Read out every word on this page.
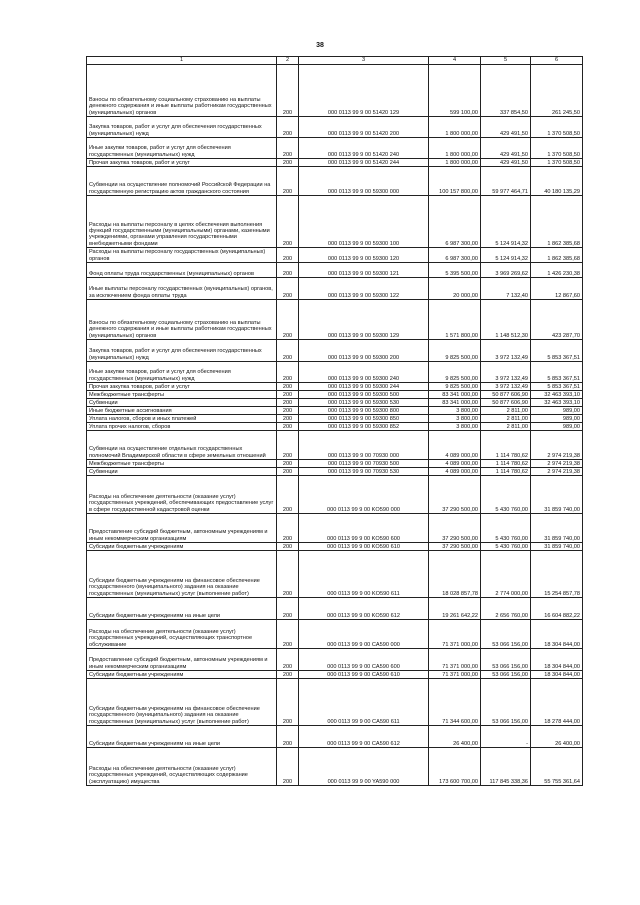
38
1	2	3	4	5	6
Взносы по обязательному социальному страхованию на выплаты денежного содержания и иные выплаты работникам государственных (муниципальных) органов	200	000 0113 99 9 00 51420 129	599 100,00	337 854,50	261 245,50
Закупка товаров, работ и услуг для обеспечения государственных (муниципальных) нужд	200	000 0113 99 9 00 51420 200	1 800 000,00	429 491,50	1 370 508,50
Иные закупки товаров, работ и услуг для обеспечения государственных (муниципальных) нужд	200	000 0113 99 9 00 51420 240	1 800 000,00	429 491,50	1 370 508,50
Прочая закупка товаров, работ и услуг	200	000 0113 99 9 00 51420 244	1 800 000,00	429 491,50	1 370 508,50
Субвенции на осуществление полномочий Российской Федерации на государственную регистрацию актов гражданского состояния	200	000 0113 99 9 00 59300 000	100 157 800,00	59 977 464,71	40 180 135,29
Расходы на выплаты персоналу в целях обеспечения выполнения функций государственными (муниципальными) органами, казенными учреждениями, органами управления государственными внебюджетными фондами	200	000 0113 99 9 00 59300 100	6 987 300,00	5 124 914,32	1 862 385,68
Расходы на выплаты персоналу государственных (муниципальных) органов	200	000 0113 99 9 00 59300 120	6 987 300,00	5 124 914,32	1 862 385,68
Фонд оплаты труда государственных (муниципальных) органов	200	000 0113 99 9 00 59300 121	5 395 500,00	3 969 269,62	1 426 230,38
Иные выплаты персоналу государственных (муниципальных) органов, за исключением фонда оплаты труда	200	000 0113 99 9 00 59300 122	20 000,00	7 132,40	12 867,60
Взносы по обязательному социальному страхованию на выплаты денежного содержания и иные выплаты работникам государственных (муниципальных) органов	200	000 0113 99 9 00 59300 129	1 571 800,00	1 148 512,30	423 287,70
Закупка товаров, работ и услуг для обеспечения государственных (муниципальных) нужд	200	000 0113 99 9 00 59300 200	9 825 500,00	3 972 132,49	5 853 367,51
Иные закупки товаров, работ и услуг для обеспечения государственных (муниципальных) нужд	200	000 0113 99 9 00 59300 240	9 825 500,00	3 972 132,49	5 853 367,51
Прочая закупка товаров, работ и услуг	200	000 0113 99 9 00 59300 244	9 825 500,00	3 972 132,49	5 853 367,51
Межбюджетные трансферты	200	000 0113 99 9 00 59300 500	83 341 000,00	50 877 606,90	32 463 393,10
Субвенции	200	000 0113 99 9 00 59300 530	83 341 000,00	50 877 606,90	32 463 393,10
Иные бюджетные ассигнования	200	000 0113 99 9 00 59300 800	3 800,00	2 811,00	989,00
Уплата налогов, сборов и иных платежей	200	000 0113 99 9 00 59300 850	3 800,00	2 811,00	989,00
Уплата прочих налогов, сборов	200	000 0113 99 9 00 59300 852	3 800,00	2 811,00	989,00
Субвенции на осуществление отдельных государственных полномочий Владимирской области в сфере земельных отношений	200	000 0113 99 9 00 70930 000	4 089 000,00	1 114 780,62	2 974 219,38
Межбюджетные трансферты	200	000 0113 99 9 00 70930 500	4 089 000,00	1 114 780,62	2 974 219,38
Субвенции	200	000 0113 99 9 00 70930 530	4 089 000,00	1 114 780,62	2 974 219,38
Расходы на обеспечение деятельности (оказание услуг) государственных учреждений, обеспечивающих предоставление услуг в сфере государственной кадастровой оценки	200	000 0113 99 9 00 KO590 000	37 290 500,00	5 430 760,00	31 859 740,00
Предоставление субсидий бюджетным, автономным учреждениям и иным некоммерческим организациям	200	000 0113 99 9 00 KO590 600	37 290 500,00	5 430 760,00	31 859 740,00
Субсидии бюджетным учреждениям	200	000 0113 99 9 00 KO590 610	37 290 500,00	5 430 760,00	31 859 740,00
Субсидии бюджетным учреждениям на финансовое обеспечение государственного (муниципального) задания на оказание государственных (муниципальных) услуг (выполнение работ)	200	000 0113 99 9 00 KO590 611	18 028 857,78	2 774 000,00	15 254 857,78
Субсидии бюджетным учреждениям на иные цели	200	000 0113 99 9 00 KO590 612	19 261 642,22	2 656 760,00	16 604 882,22
Расходы на обеспечение деятельности (оказание услуг) государственных учреждений, осуществляющих транспортное обслуживание	200	000 0113 99 9 00 CA590 000	71 371 000,00	53 066 156,00	18 304 844,00
Предоставление субсидий бюджетным, автономным учреждениям и иным некоммерческим организациям	200	000 0113 99 9 00 CA590 600	71 371 000,00	53 066 156,00	18 304 844,00
Субсидии бюджетным учреждениям	200	000 0113 99 9 00 CA590 610	71 371 000,00	53 066 156,00	18 304 844,00
Субсидии бюджетным учреждениям на финансовое обеспечение государственного (муниципального) задания на оказание государственных (муниципальных) услуг (выполнение работ)	200	000 0113 99 9 00 CA590 611	71 344 600,00	53 066 156,00	18 278 444,00
Субсидии бюджетным учреждениям на иные цели	200	000 0113 99 9 00 CA590 612	26 400,00	-	26 400,00
Расходы на обеспечение деятельности (оказание услуг) государственных учреждений, осуществляющих содержание (эксплуатацию) имущества	200	000 0113 99 9 00 YA590 000	173 600 700,00	117 845 338,36	55 755 361,64
